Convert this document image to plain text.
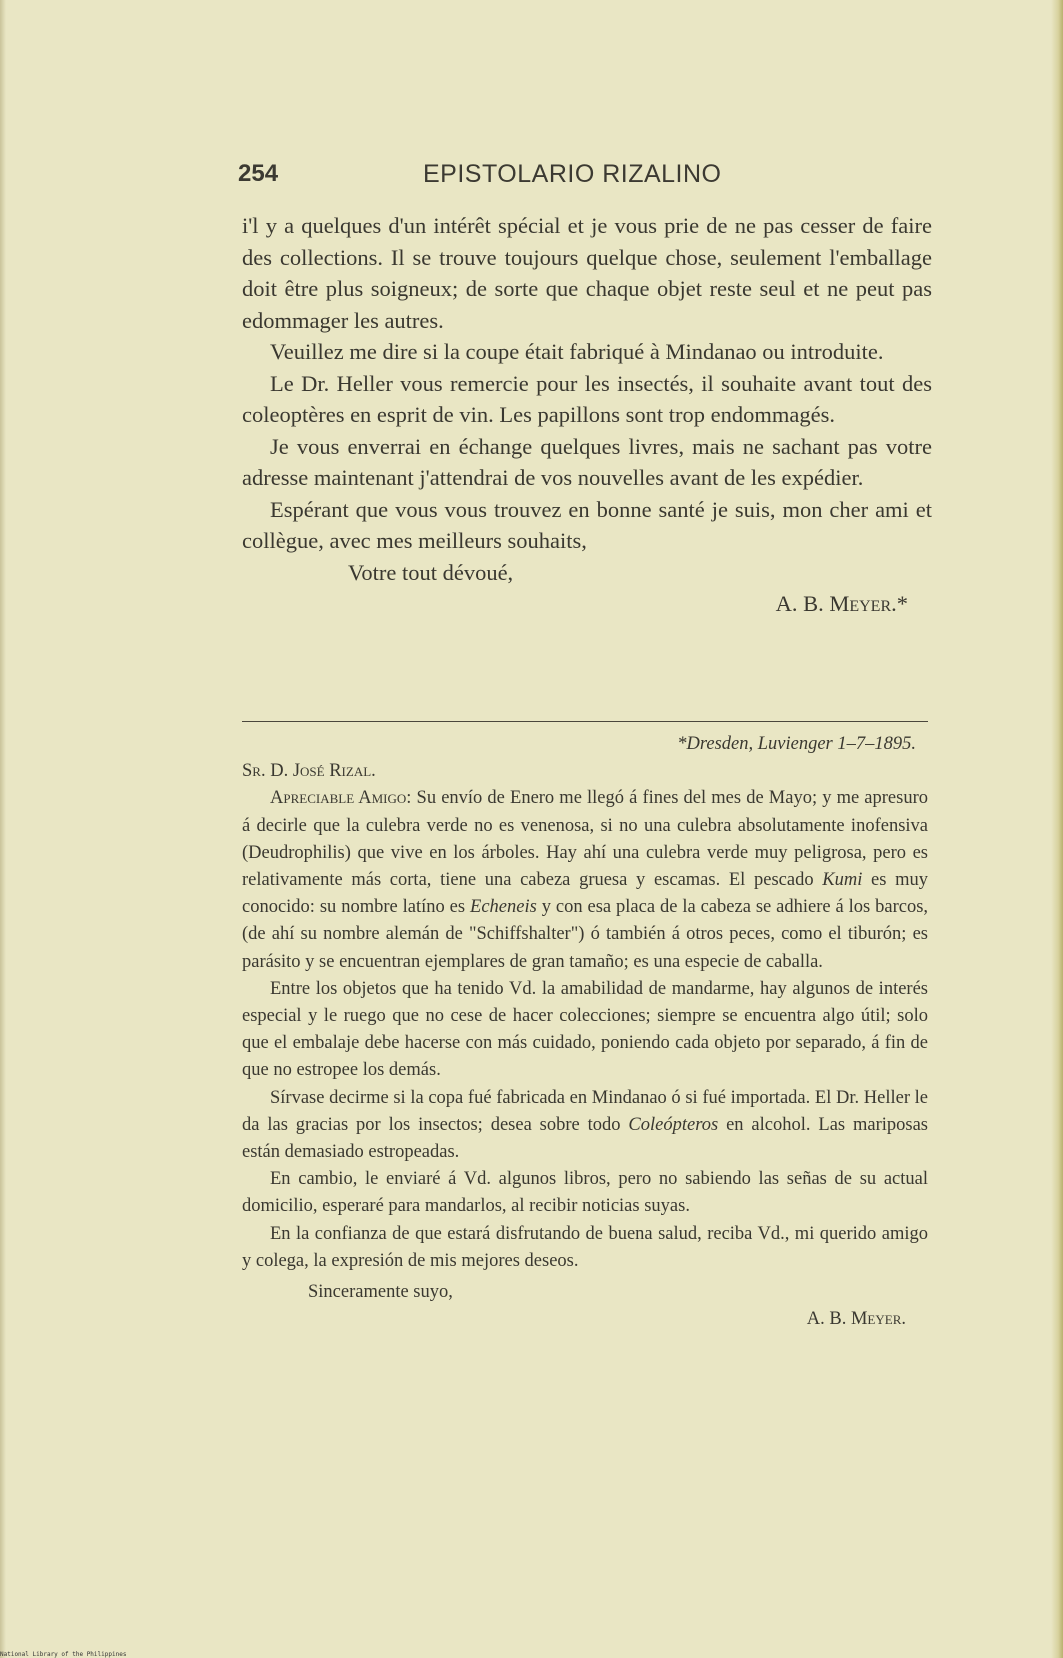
254	EPISTOLARIO RIZALINO

i'l y a quelques d'un intérêt spécial et je vous prie de ne pas cesser de faire des collections. Il se trouve toujours quelque chose, seulement l'emballage doit être plus soigneux; de sorte que chaque objet reste seul et ne peut pas edommager les autres.

Veuillez me dire si la coupe était fabriqué à Mindanao ou introduite.

Le Dr. Heller vous remercie pour les insectés, il souhaite avant tout des coleoptères en esprit de vin. Les papillons sont trop endommagés.

Je vous enverrai en échange quelques livres, mais ne sachant pas votre adresse maintenant j'attendrai de vos nouvelles avant de les expédier.

Espérant que vous vous trouvez en bonne santé je suis, mon cher ami et collègue, avec mes meilleurs souhaits,

Votre tout dévoué,

A. B. Meyer.*

*Dresden, Luvienger 1–7–1895.

Sr. D. José Rizal.

Apreciable Amigo: Su envío de Enero me llegó á fines del mes de Mayo; y me apresuro á decirle que la culebra verde no es venenosa, si no una culebra absolutamente inofensiva (Deudrophilis) que vive en los árboles. Hay ahí una culebra verde muy peligrosa, pero es relativamente más corta, tiene una cabeza gruesa y escamas. El pescado Kumi es muy conocido: su nombre latíno es Echeneis y con esa placa de la cabeza se adhiere á los barcos, (de ahí su nombre alemán de "Schiffshalter") ó también á otros peces, como el tiburón; es parásito y se encuentran ejemplares de gran tamaño; es una especie de caballa.

Entre los objetos que ha tenido Vd. la amabilidad de mandarme, hay algunos de interés especial y le ruego que no cese de hacer colecciones; siempre se encuentra algo útil; solo que el embalaje debe hacerse con más cuidado, poniendo cada objeto por separado, á fin de que no estropee los demás.

Sírvase decirme si la copa fué fabricada en Mindanao ó si fué importada. El Dr. Heller le da las gracias por los insectos; desea sobre todo Coleópteros en alcohol. Las mariposas están demasiado estropeadas.

En cambio, le enviaré á Vd. algunos libros, pero no sabiendo las señas de su actual domicilio, esperaré para mandarlos, al recibir noticias suyas.

En la confianza de que estará disfrutando de buena salud, reciba Vd., mi querido amigo y colega, la expresión de mis mejores deseos.

Sinceramente suyo,

A. B. Meyer.

National Library of the Philippines
